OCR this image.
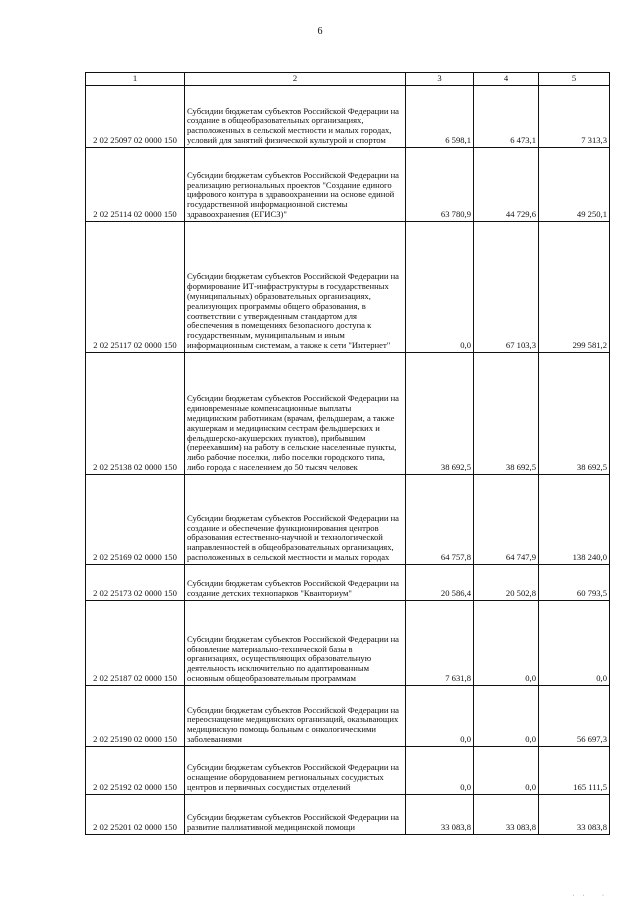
6
1	2	3	4	5
2 02 25097 02 0000 150	Субсидии бюджетам субъектов Российской Федерации на создание в общеобразовательных организациях, расположенных в сельской местности и малых городах, условий для занятий физической культурой и спортом	6 598,1	6 473,1	7 313,3
2 02 25114 02 0000 150	Субсидии бюджетам субъектов Российской Федерации на реализацию региональных проектов "Создание единого цифрового контура в здравоохранении на основе единой государственной информационной системы здравоохранения (ЕГИСЗ)"	63 780,9	44 729,6	49 250,1
2 02 25117 02 0000 150	Субсидии бюджетам субъектов Российской Федерации на формирование ИТ-инфраструктуры в государственных (муниципальных) образовательных организациях, реализующих программы общего образования, в соответствии с утвержденным стандартом для обеспечения в помещениях безопасного доступа к государственным, муниципальным и иным информационным системам, а также к сети "Интернет"	0,0	67 103,3	299 581,2
2 02 25138 02 0000 150	Субсидии бюджетам субъектов Российской Федерации на единовременные компенсационные выплаты медицинским работникам (врачам, фельдшерам, а также акушеркам и медицинским сестрам фельдшерских и фельдшерско-акушерских пунктов), прибывшим (переехавшим) на работу в сельские населенные пункты, либо рабочие поселки, либо поселки городского типа, либо города с населением до 50 тысяч человек	38 692,5	38 692,5	38 692,5
2 02 25169 02 0000 150	Субсидии бюджетам субъектов Российской Федерации на создание и обеспечение функционирования центров образования естественно-научной и технологической направленностей в общеобразовательных организациях, расположенных в сельской местности и малых городах	64 757,8	64 747,9	138 240,0
2 02 25173 02 0000 150	Субсидии бюджетам субъектов Российской Федерации на создание детских технопарков "Кванториум"	20 586,4	20 502,8	60 793,5
2 02 25187 02 0000 150	Субсидии бюджетам субъектов Российской Федерации на обновление материально-технической базы в организациях, осуществляющих образовательную деятельность исключительно по адаптированным основным общеобразовательным программам	7 631,8	0,0	0,0
2 02 25190 02 0000 150	Субсидии бюджетам субъектов Российской Федерации на переоснащение медицинских организаций, оказывающих медицинскую помощь больным с онкологическими заболеваниями	0,0	0,0	56 697,3
2 02 25192 02 0000 150	Субсидии бюджетам субъектов Российской Федерации на оснащение оборудованием региональных сосудистых центров и первичных сосудистых отделений	0,0	0,0	165 111,5
2 02 25201 02 0000 150	Субсидии бюджетам субъектов Российской Федерации на развитие паллиативной медицинской помощи	33 083,8	33 083,8	33 083,8
·· ·
